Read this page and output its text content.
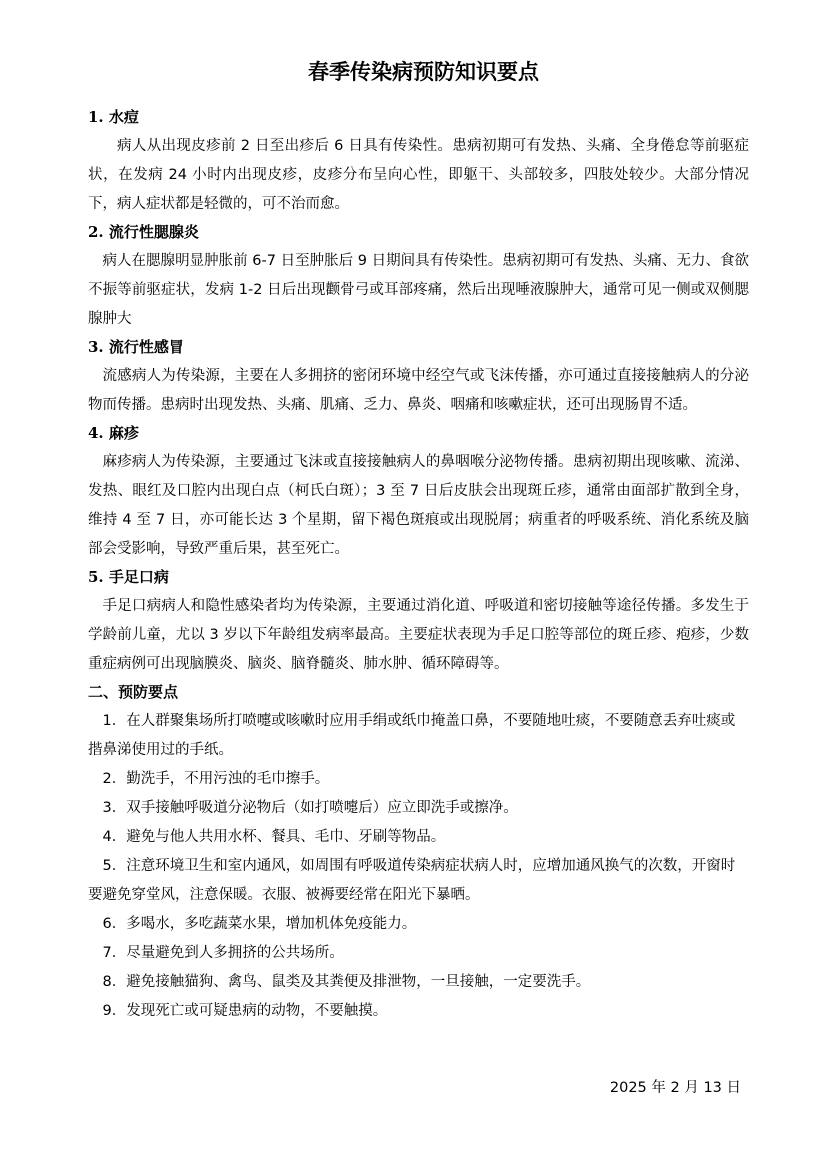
春季传染病预防知识要点
1. 水痘

病人从出现皮疹前 2 日至出疹后 6 日具有传染性。患病初期可有发热、头痛、全身倦怠等前驱症状，在发病 24 小时内出现皮疹，皮疹分布呈向心性，即躯干、头部较多，四肢处较少。大部分情况下，病人症状都是轻微的，可不治而愈。

2. 流行性腮腺炎

病人在腮腺明显肿胀前 6-7 日至肿胀后 9 日期间具有传染性。患病初期可有发热、头痛、无力、食欲不振等前驱症状，发病 1-2 日后出现颧骨弓或耳部疼痛，然后出现唾液腺肿大，通常可见一侧或双侧腮腺肿大

3. 流行性感冒

流感病人为传染源，主要在人多拥挤的密闭环境中经空气或飞沫传播，亦可通过直接接触病人的分泌物而传播。患病时出现发热、头痛、肌痛、乏力、鼻炎、咽痛和咳嗽症状，还可出现肠胃不适。

4. 麻疹

麻疹病人为传染源，主要通过飞沫或直接接触病人的鼻咽喉分泌物传播。患病初期出现咳嗽、流涕、发热、眼红及口腔内出现白点（柯氏白斑）；3 至 7 日后皮肤会出现斑丘疹，通常由面部扩散到全身，维持 4 至 7 日，亦可能长达 3 个星期，留下褐色斑痕或出现脱屑；病重者的呼吸系统、消化系统及脑部会受影响，导致严重后果，甚至死亡。

5. 手足口病

手足口病病人和隐性感染者均为传染源，主要通过消化道、呼吸道和密切接触等途径传播。多发生于学龄前儿童，尤以 3 岁以下年龄组发病率最高。主要症状表现为手足口腔等部位的斑丘疹、疱疹，少数重症病例可出现脑膜炎、脑炎、脑脊髓炎、肺水肿、循环障碍等。

二、预防要点
1．在人群聚集场所打喷嚏或咳嗽时应用手绢或纸巾掩盖口鼻，不要随地吐痰，不要随意丢弃吐痰或揩鼻涕使用过的手纸。
2．勤洗手，不用污浊的毛巾擦手。
3．双手接触呼吸道分泌物后（如打喷嚏后）应立即洗手或擦净。
4．避免与他人共用水杯、餐具、毛巾、牙刷等物品。
5．注意环境卫生和室内通风，如周围有呼吸道传染病症状病人时，应增加通风换气的次数，开窗时要避免穿堂风，注意保暖。衣服、被褥要经常在阳光下暴晒。
6．多喝水，多吃蔬菜水果，增加机体免疫能力。
7．尽量避免到人多拥挤的公共场所。
8．避免接触猫狗、禽鸟、鼠类及其粪便及排泄物，一旦接触，一定要洗手。
9．发现死亡或可疑患病的动物，不要触摸。
2025 年 2 月 13 日
